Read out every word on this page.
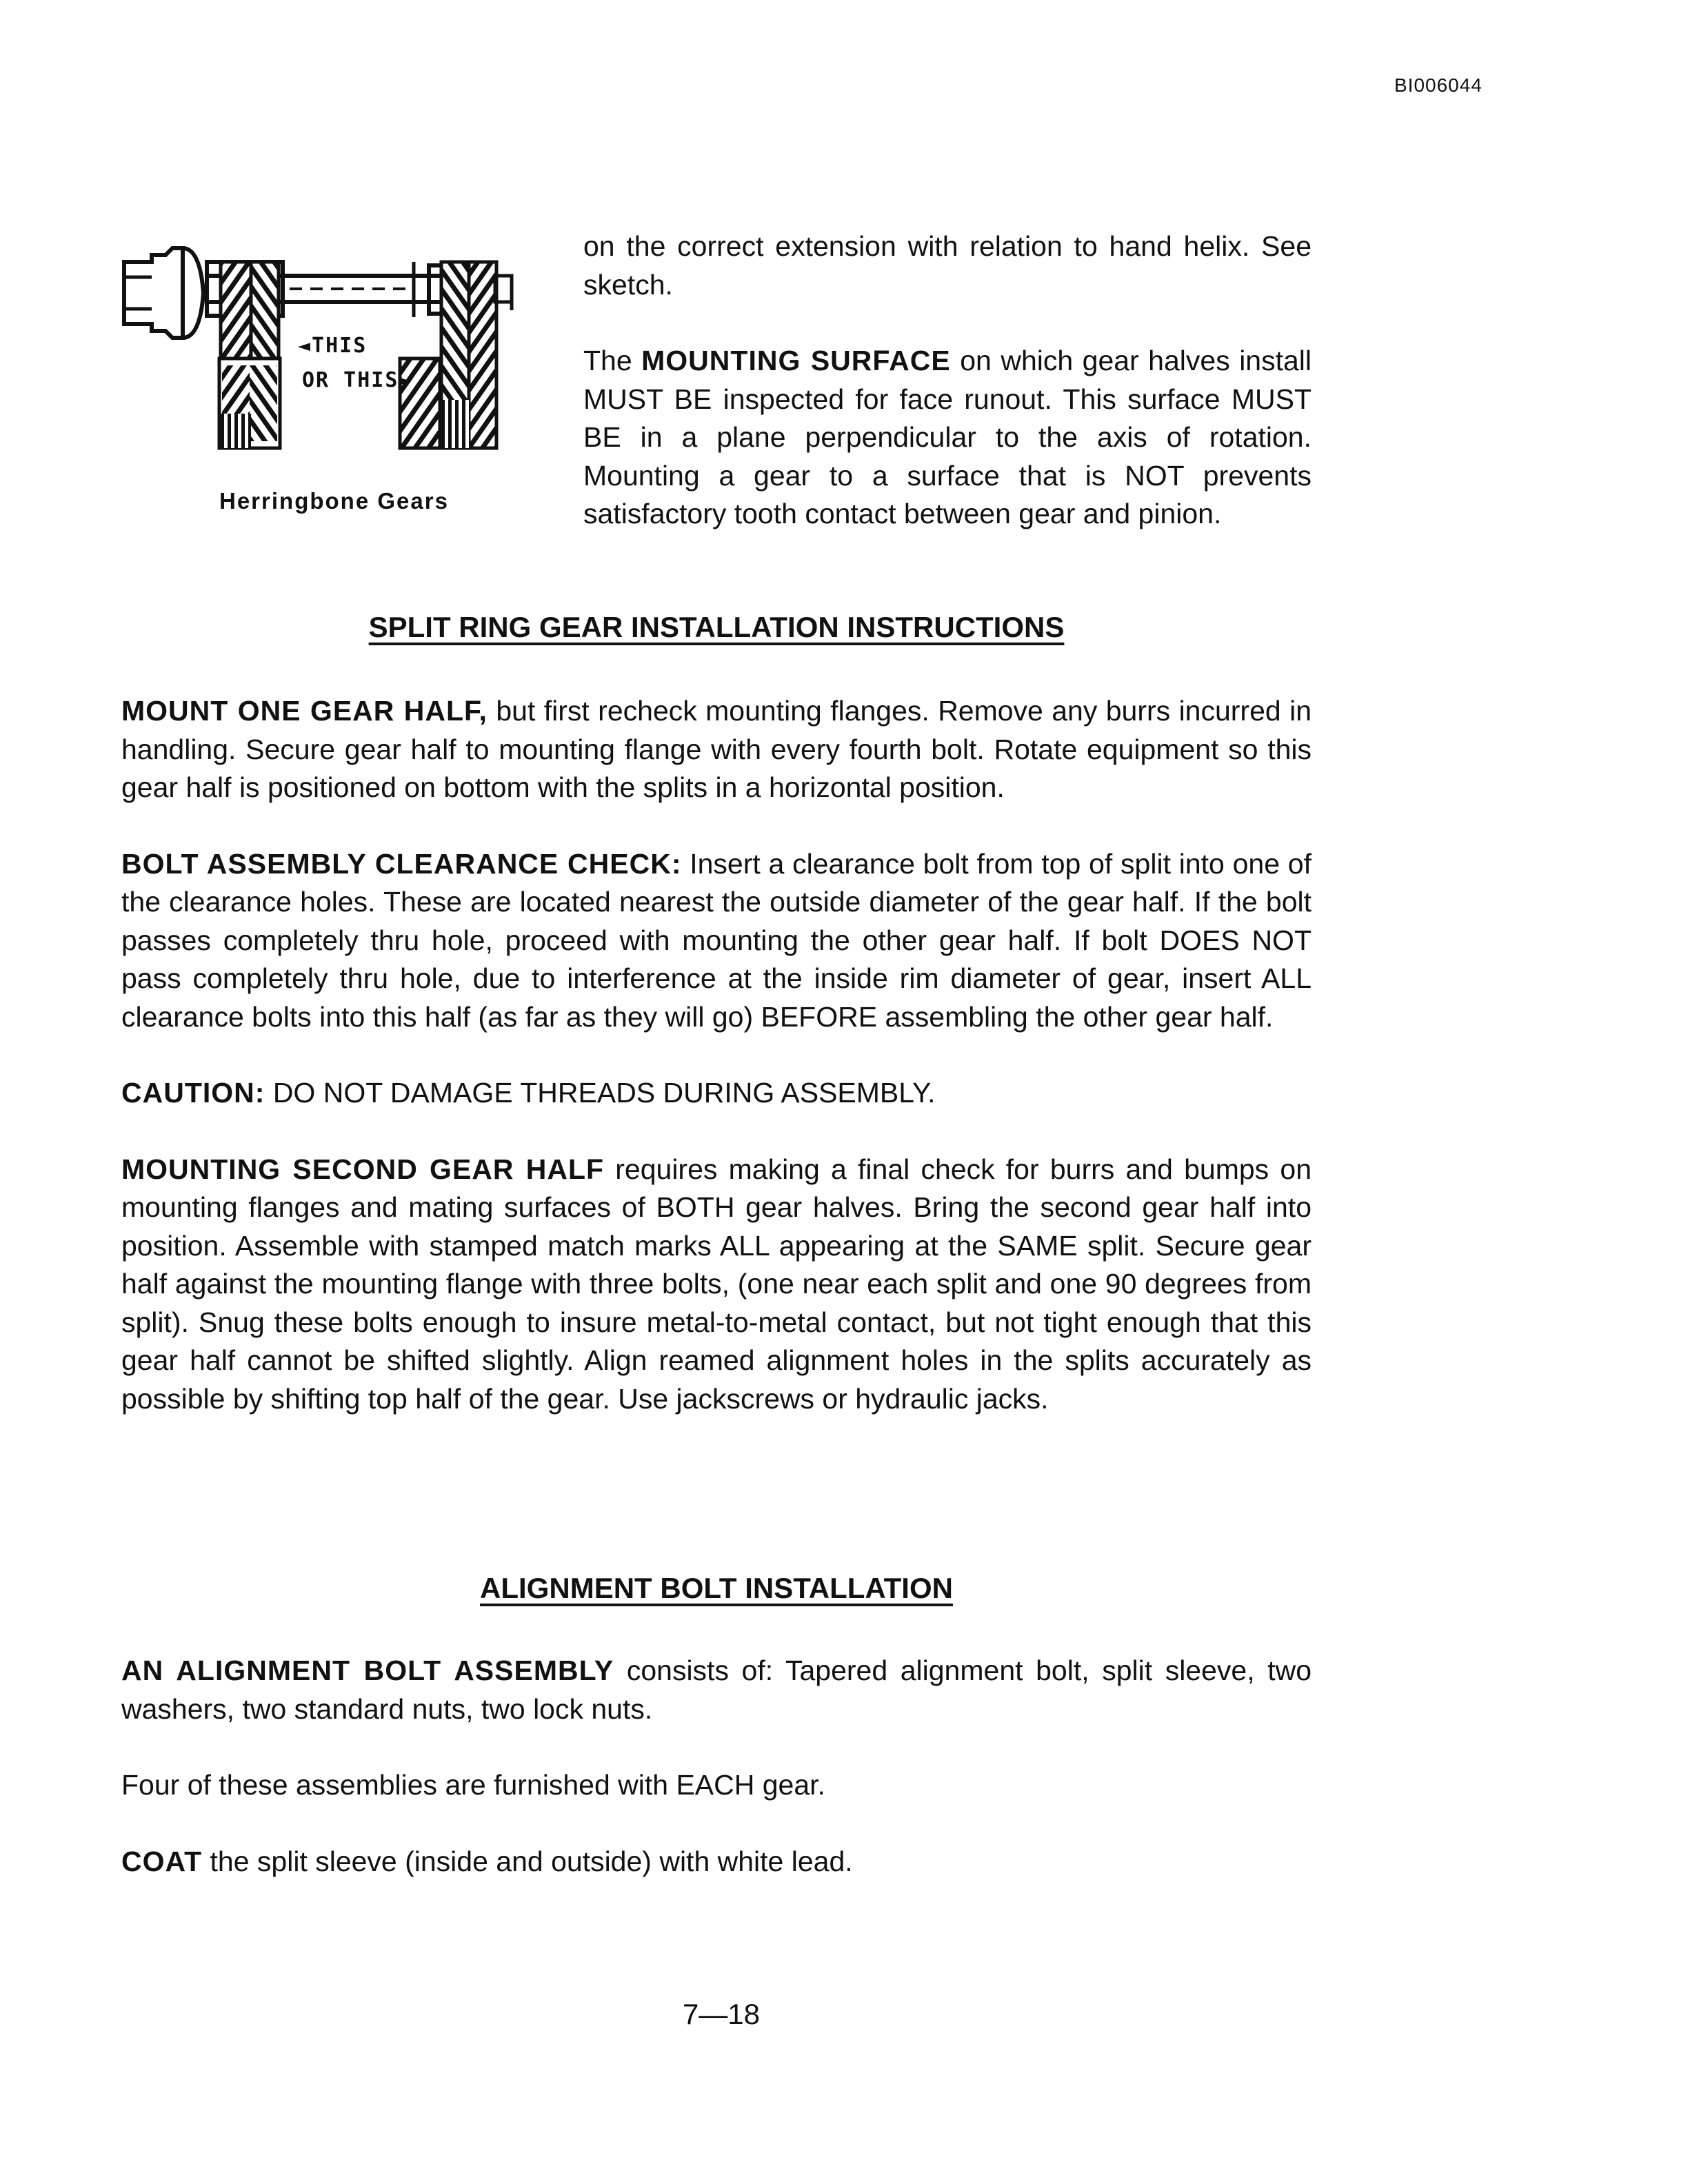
BI006044
◄THIS
OR THIS►
Herringbone Gears

on the correct extension with relation to hand helix. See sketch.

The MOUNTING SURFACE on which gear halves install MUST BE inspected for face runout. This surface MUST BE in a plane perpendicular to the axis of rotation. Mounting a gear to a surface that is NOT prevents satisfactory tooth contact between gear and pinion.

SPLIT RING GEAR INSTALLATION INSTRUCTIONS

MOUNT ONE GEAR HALF, but first recheck mounting flanges. Remove any burrs incurred in handling. Secure gear half to mounting flange with every fourth bolt. Rotate equipment so this gear half is positioned on bottom with the splits in a horizontal position.

BOLT ASSEMBLY CLEARANCE CHECK: Insert a clearance bolt from top of split into one of the clearance holes. These are located nearest the outside diameter of the gear half. If the bolt passes completely thru hole, proceed with mounting the other gear half. If bolt DOES NOT pass completely thru hole, due to interference at the inside rim diameter of gear, insert ALL clearance bolts into this half (as far as they will go) BEFORE assembling the other gear half.

CAUTION: DO NOT DAMAGE THREADS DURING ASSEMBLY.

MOUNTING SECOND GEAR HALF requires making a final check for burrs and bumps on mounting flanges and mating surfaces of BOTH gear halves. Bring the second gear half into position. Assemble with stamped match marks ALL appearing at the SAME split. Secure gear half against the mounting flange with three bolts, (one near each split and one 90 degrees from split). Snug these bolts enough to insure metal-to-metal contact, but not tight enough that this gear half cannot be shifted slightly. Align reamed alignment holes in the splits accurately as possible by shifting top half of the gear. Use jackscrews or hydraulic jacks.

ALIGNMENT BOLT INSTALLATION

AN ALIGNMENT BOLT ASSEMBLY consists of: Tapered alignment bolt, split sleeve, two washers, two standard nuts, two lock nuts.

Four of these assemblies are furnished with EACH gear.

COAT the split sleeve (inside and outside) with white lead.

7—18
